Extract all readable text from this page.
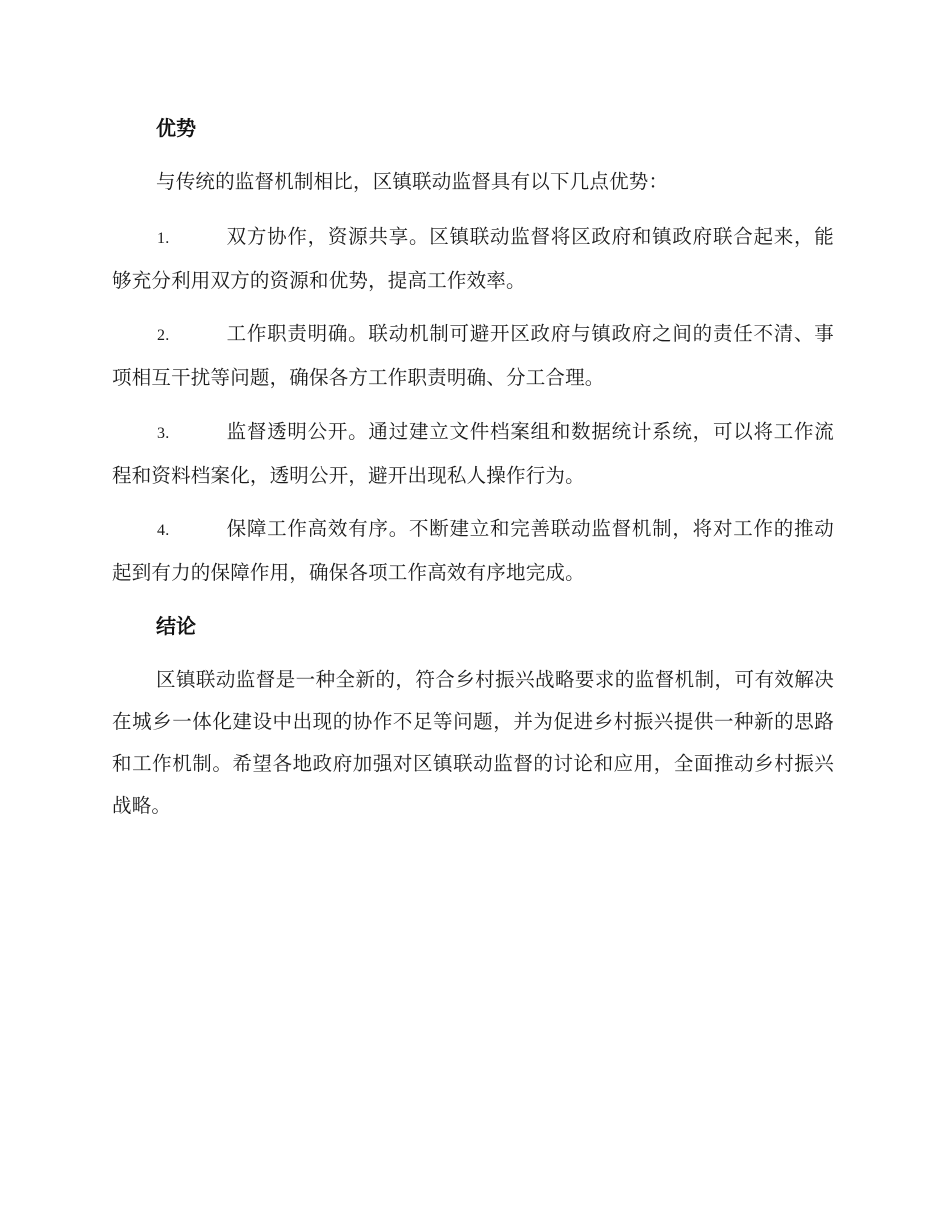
优势

与传统的监督机制相比，区镇联动监督具有以下几点优势：

1.	双方协作，资源共享。区镇联动监督将区政府和镇政府联合起来，能够充分利用双方的资源和优势，提高工作效率。

2.	工作职责明确。联动机制可避开区政府与镇政府之间的责任不清、事项相互干扰等问题，确保各方工作职责明确、分工合理。

3.	监督透明公开。通过建立文件档案组和数据统计系统，可以将工作流程和资料档案化，透明公开，避开出现私人操作行为。

4.	保障工作高效有序。不断建立和完善联动监督机制，将对工作的推动起到有力的保障作用，确保各项工作高效有序地完成。

结论

区镇联动监督是一种全新的，符合乡村振兴战略要求的监督机制，可有效解决在城乡一体化建设中出现的协作不足等问题，并为促进乡村振兴提供一种新的思路和工作机制。希望各地政府加强对区镇联动监督的讨论和应用，全面推动乡村振兴战略。
